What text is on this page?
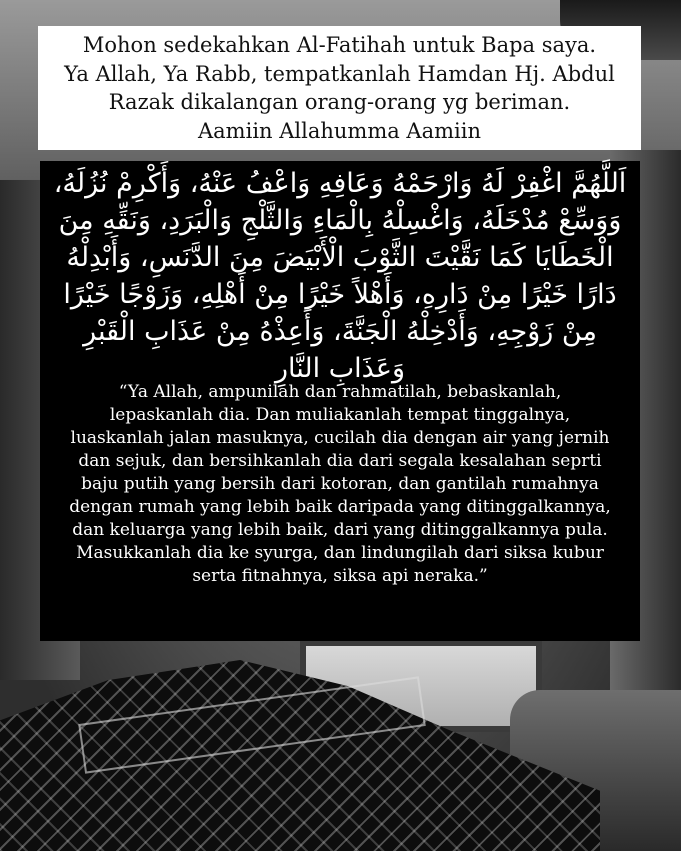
Mohon sedekahkan Al-Fatihah untuk Bapa saya.
Ya Allah, Ya Rabb, tempatkanlah Hamdan Hj. Abdul
Razak dikalangan orang-orang yg beriman.
Aamiin Allahumma Aamiin
اَللَّهُمَّ اغْفِرْ لَهُ وَارْحَمْهُ وَعَافِهِ وَاعْفُ عَنْهُ، وَأَكْرِمْ نُزُلَهُ،
وَوَسِّعْ مُدْخَلَهُ، وَاغْسِلْهُ بِالْمَاءِ وَالثَّلْجِ وَالْبَرَدِ، وَنَقِّهِ مِنَ
الْخَطَايَا كَمَا نَقَّيْتَ الثَّوْبَ الْأَبْيَضَ مِنَ الدَّنَسِ، وَأَبْدِلْهُ
دَارًا خَيْرًا مِنْ دَارِهِ، وَأَهْلاً خَيْرًا مِنْ أَهْلِهِ، وَزَوْجًا خَيْرًا
مِنْ زَوْجِهِ، وَأَدْخِلْهُ الْجَنَّةَ، وَأَعِذْهُ مِنْ عَذَابِ الْقَبْرِ
وَعَذَابِ النَّارِ
“Ya Allah, ampunilah dan rahmatilah, bebaskanlah,
lepaskanlah dia. Dan muliakanlah tempat tinggalnya,
luaskanlah jalan masuknya, cucilah dia dengan air yang jernih
dan sejuk, dan bersihkanlah dia dari segala kesalahan seprti
baju putih yang bersih dari kotoran, dan gantilah rumahnya
dengan rumah yang lebih baik daripada yang ditinggalkannya,
dan keluarga yang lebih baik, dari yang ditinggalkannya pula.
Masukkanlah dia ke syurga, dan lindungilah dari siksa kubur
serta fitnahnya, siksa api neraka.”
